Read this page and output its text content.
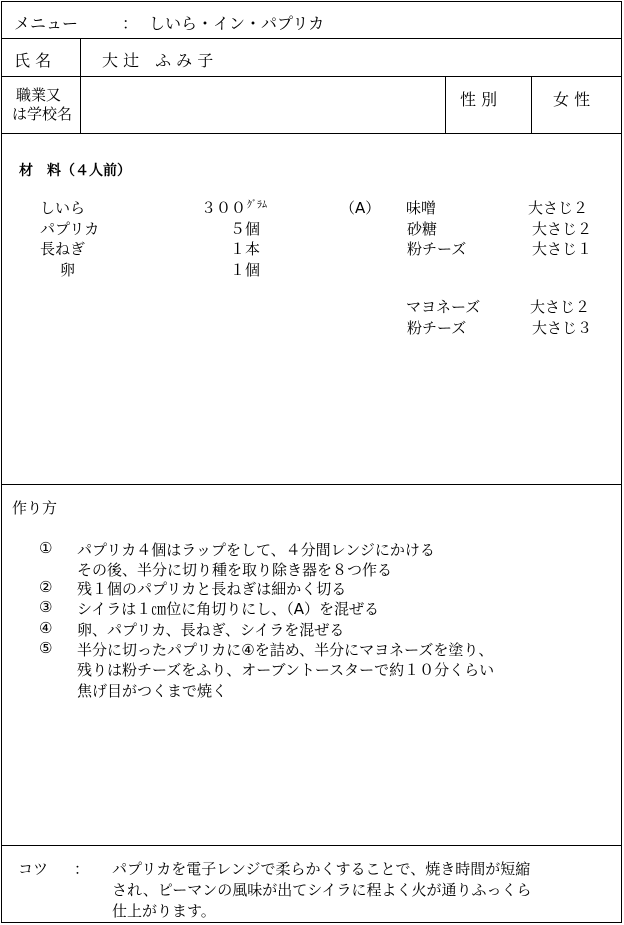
メニュー	： しいら・イン・パプリカ
氏 名	大 辻　ふ み 子
職業又
は学校名
性 別	女 性
材　料（４人前）
しいら	$300^{ｸﾞﾗﾑ}$
パプリカ	５個
長ねぎ	１本
卵	１個
（A） 味噌	大さじ２
砂糖	大さじ２
粉チーズ	大さじ１
マヨネーズ	大さじ２
粉チーズ	大さじ３
作り方
① パプリカ４個はラップをして、４分間レンジにかける
その後、半分に切り種を取り除き器を８つ作る
② 残１個のパプリカと長ねぎは細かく切る
③ シイラは１㎝位に角切りにし、（A）を混ぜる
④ 卵、パプリカ、長ねぎ、シイラを混ぜる
⑤ 半分に切ったパプリカに④を詰め、半分にマヨネーズを塗り、
残りは粉チーズをふり、オーブントースターで約１０分くらい
焦げ目がつくまで焼く
コツ ： パプリカを電子レンジで柔らかくすることで、焼き時間が短縮
され、ピーマンの風味が出てシイラに程よく火が通りふっくら
仕上がります。
